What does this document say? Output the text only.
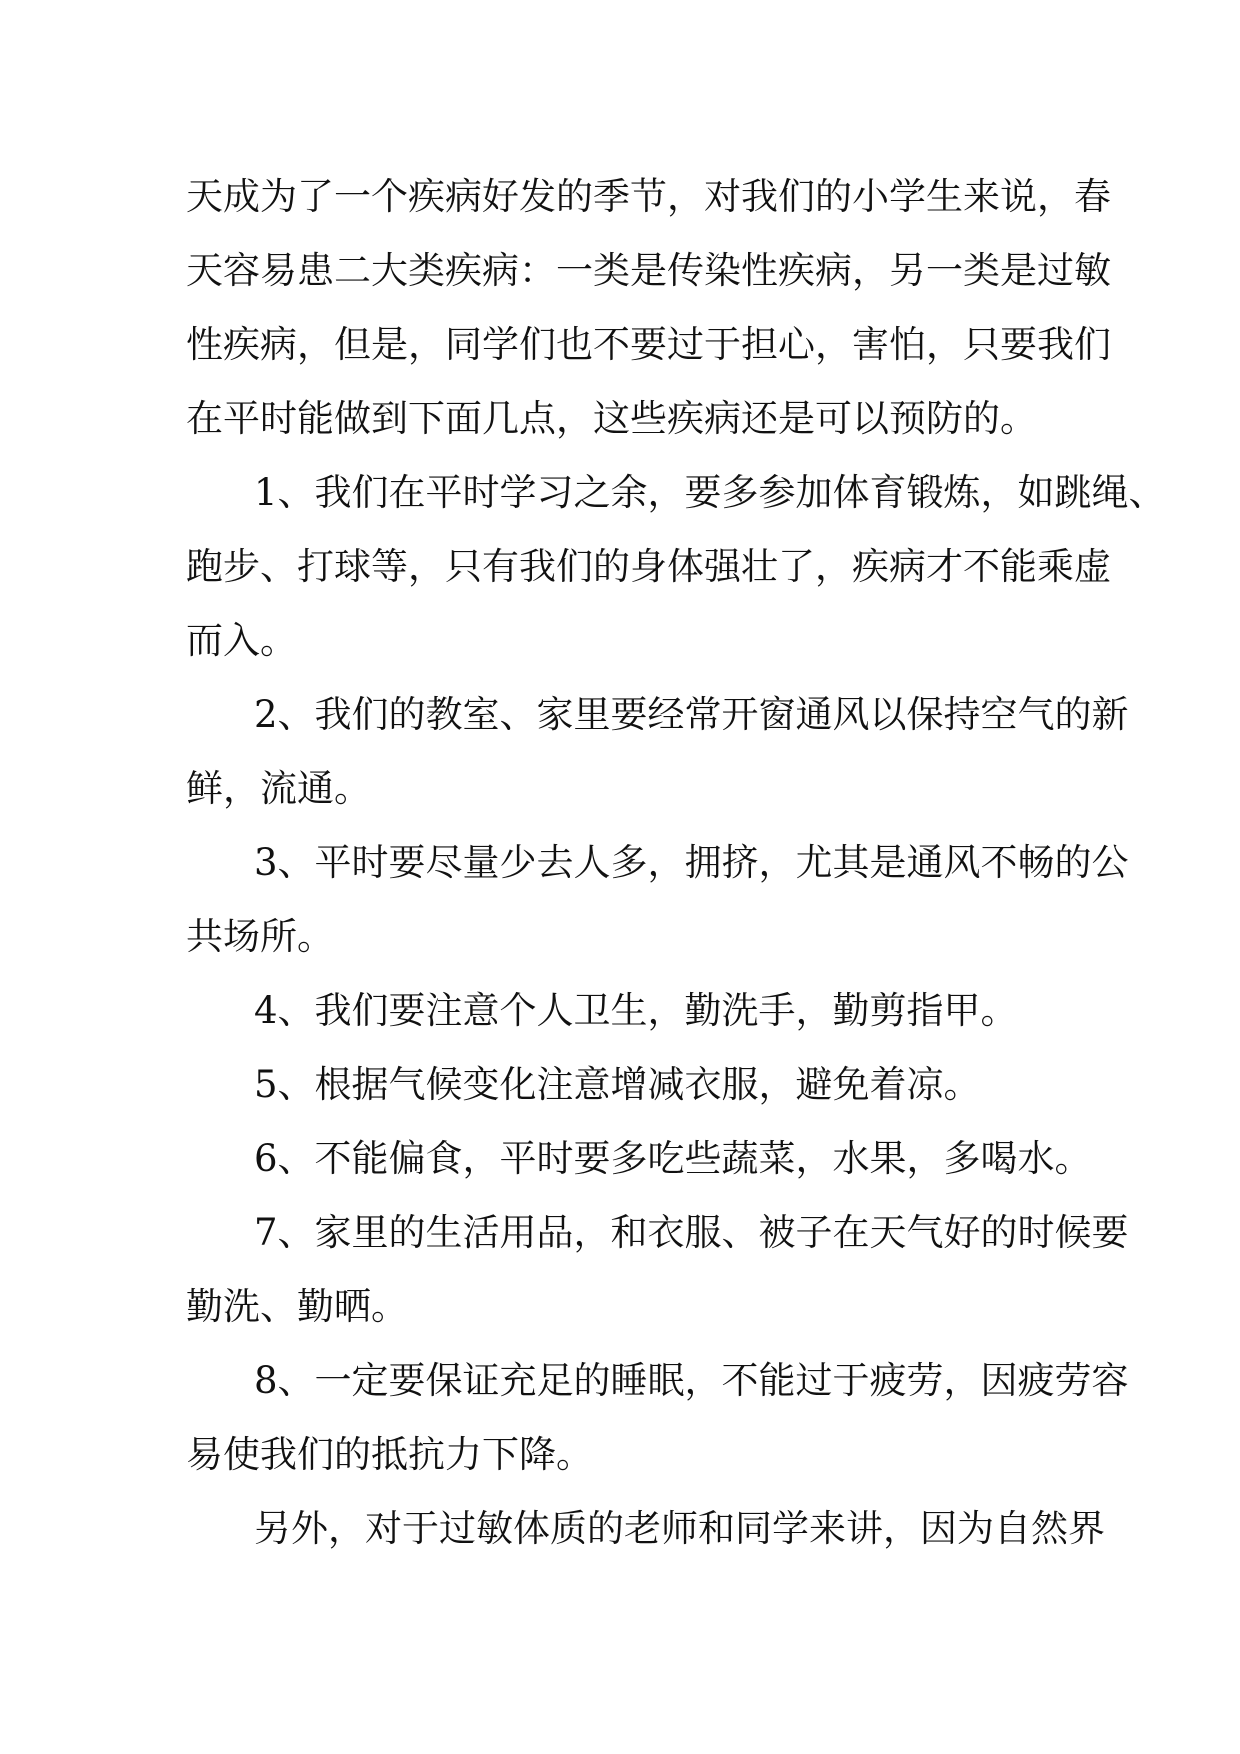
天成为了一个疾病好发的季节，对我们的小学生来说，春
天容易患二大类疾病：一类是传染性疾病，另一类是过敏
性疾病，但是，同学们也不要过于担心，害怕，只要我们
在平时能做到下面几点，这些疾病还是可以预防的。
1、我们在平时学习之余，要多参加体育锻炼，如跳绳、
跑步、打球等，只有我们的身体强壮了，疾病才不能乘虚
而入。
2、我们的教室、家里要经常开窗通风以保持空气的新
鲜，流通。
3、平时要尽量少去人多，拥挤，尤其是通风不畅的公
共场所。
4、我们要注意个人卫生，勤洗手，勤剪指甲。
5、根据气候变化注意增减衣服，避免着凉。
6、不能偏食，平时要多吃些蔬菜，水果，多喝水。
7、家里的生活用品，和衣服、被子在天气好的时候要
勤洗、勤晒。
8、一定要保证充足的睡眠，不能过于疲劳，因疲劳容
易使我们的抵抗力下降。
另外，对于过敏体质的老师和同学来讲，因为自然界
